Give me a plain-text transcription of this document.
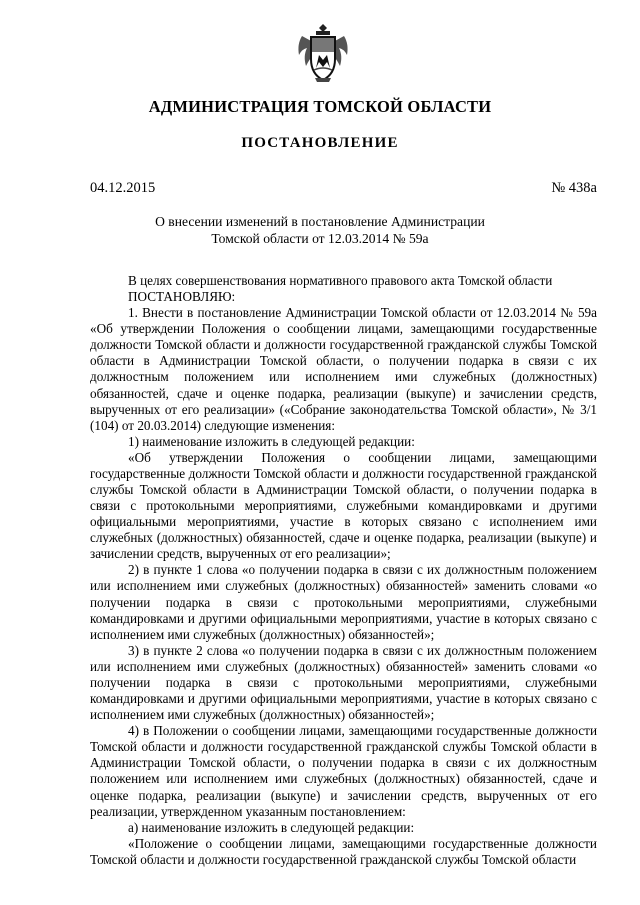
АДМИНИСТРАЦИЯ ТОМСКОЙ ОБЛАСТИ
ПОСТАНОВЛЕНИЕ
04.12.2015	№ 438а
О внесении изменений в постановление Администрации
Томской области от 12.03.2014 № 59а

В целях совершенствования нормативного правового акта Томской области

ПОСТАНОВЛЯЮ:

1. Внести в постановление Администрации Томской области от 12.03.2014 № 59а «Об утверждении Положения о сообщении лицами, замещающими государственные должности Томской области и должности государственной гражданской службы Томской области в Администрации Томской области, о получении подарка в связи с их должностным положением или исполнением ими служебных (должностных) обязанностей, сдаче и оценке подарка, реализации (выкупе) и зачислении средств, вырученных от его реализации» («Собрание законодательства Томской области», № 3/1 (104) от 20.03.2014) следующие изменения:

1) наименование изложить в следующей редакции:

«Об утверждении Положения о сообщении лицами, замещающими государственные должности Томской области и должности государственной гражданской службы Томской области в Администрации Томской области, о получении подарка в связи с протокольными мероприятиями, служебными командировками и другими официальными мероприятиями, участие в которых связано с исполнением ими служебных (должностных) обязанностей, сдаче и оценке подарка, реализации (выкупе) и зачислении средств, вырученных от его реализации»;

2) в пункте 1 слова «о получении подарка в связи с их должностным положением или исполнением ими служебных (должностных) обязанностей» заменить словами «о получении подарка в связи с протокольными мероприятиями, служебными командировками и другими официальными мероприятиями, участие в которых связано с исполнением ими служебных (должностных) обязанностей»;

3) в пункте 2 слова «о получении подарка в связи с их должностным положением или исполнением ими служебных (должностных) обязанностей» заменить словами «о получении подарка в связи с протокольными мероприятиями, служебными командировками и другими официальными мероприятиями, участие в которых связано с исполнением ими служебных (должностных) обязанностей»;

4) в Положении о сообщении лицами, замещающими государственные должности Томской области и должности государственной гражданской службы Томской области в Администрации Томской области, о получении подарка в связи с их должностным положением или исполнением ими служебных (должностных) обязанностей, сдаче и оценке подарка, реализации (выкупе) и зачислении средств, вырученных от его реализации, утвержденном указанным постановлением:

а) наименование изложить в следующей редакции:

«Положение о сообщении лицами, замещающими государственные должности Томской области и должности государственной гражданской службы Томской области
